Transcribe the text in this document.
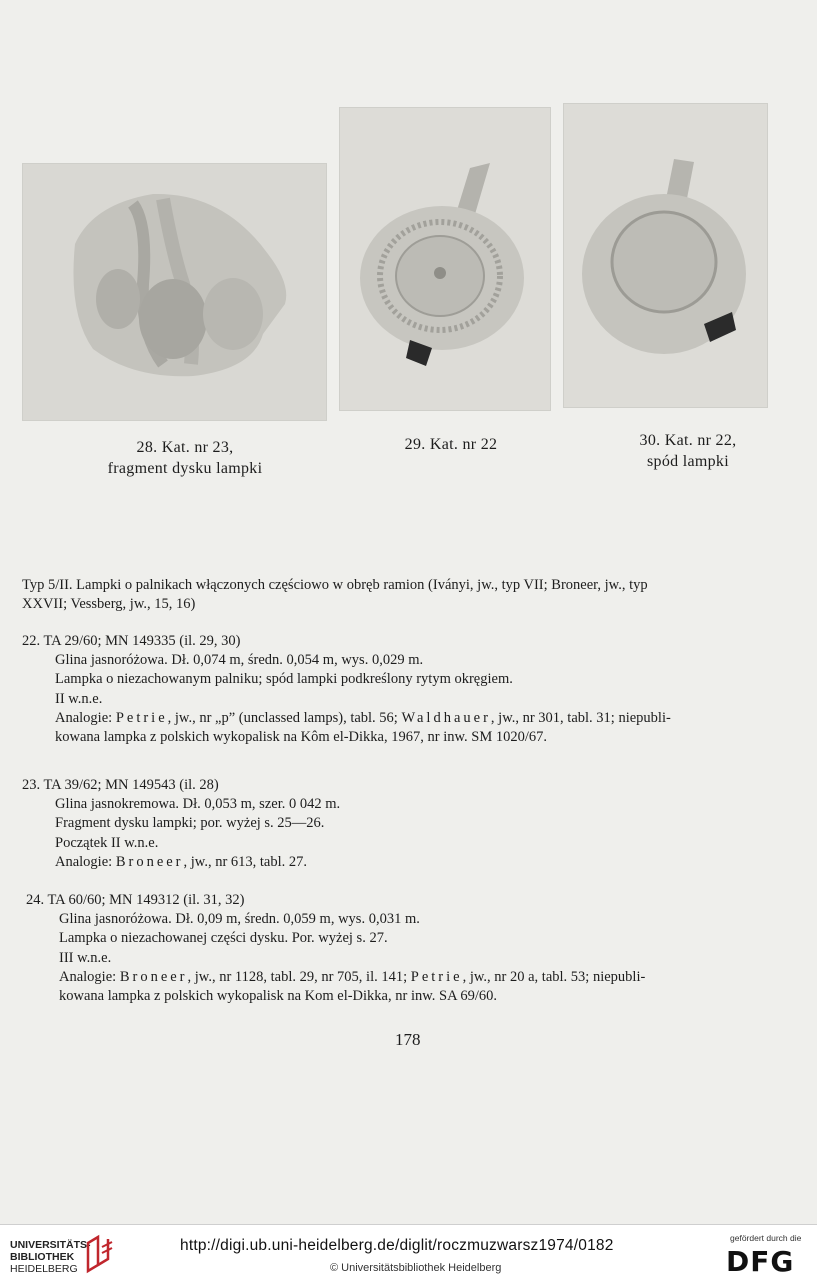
28. Kat. nr 23,
fragment dysku lampki
29. Kat. nr 22	30. Kat. nr 22,
spód lampki
Typ 5/II. Lampki o palnikach włączonych częściowo w obręb ramion (Iványi, jw., typ VII; Broneer, jw., typ
XXVII; Vessberg, jw., 15, 16)
22. TA 29/60; MN 149335 (il. 29, 30)
Glina jasnoróżowa. Dł. 0,074 m, średn. 0,054 m, wys. 0,029 m.
Lampka o niezachowanym palniku; spód lampki podkreślony rytym okręgiem.
II w.n.e.
Analogie: Petrie, jw., nr „p” (unclassed lamps), tabl. 56; Waldhauer, jw., nr 301, tabl. 31; niepubli-
kowana lampka z polskich wykopalisk na Kôm el-Dikka, 1967, nr inw. SM 1020/67.
23. TA 39/62; MN 149543 (il. 28)
Glina jasnokremowa. Dł. 0,053 m, szer. 0 042 m.
Fragment dysku lampki; por. wyżej s. 25—26.
Początek II w.n.e.
Analogie: Broneer, jw., nr 613, tabl. 27.
24. TA 60/60; MN 149312 (il. 31, 32)
Glina jasnoróżowa. Dł. 0,09 m, średn. 0,059 m, wys. 0,031 m.
Lampka o niezachowanej części dysku. Por. wyżej s. 27.
III w.n.e.
Analogie: Broneer, jw., nr 1128, tabl. 29, nr 705, il. 141; Petrie, jw., nr 20 a, tabl. 53; niepubli-
kowana lampka z polskich wykopalisk na Kom el-Dikka, nr inw. SA 69/60.
178
UNIVERSITÄTS-
BIBLIOTHEK
HEIDELBERG
http://digi.ub.uni-heidelberg.de/diglit/roczmuzwarsz1974/0182
© Universitätsbibliothek Heidelberg
gefördert durch die
DFG
